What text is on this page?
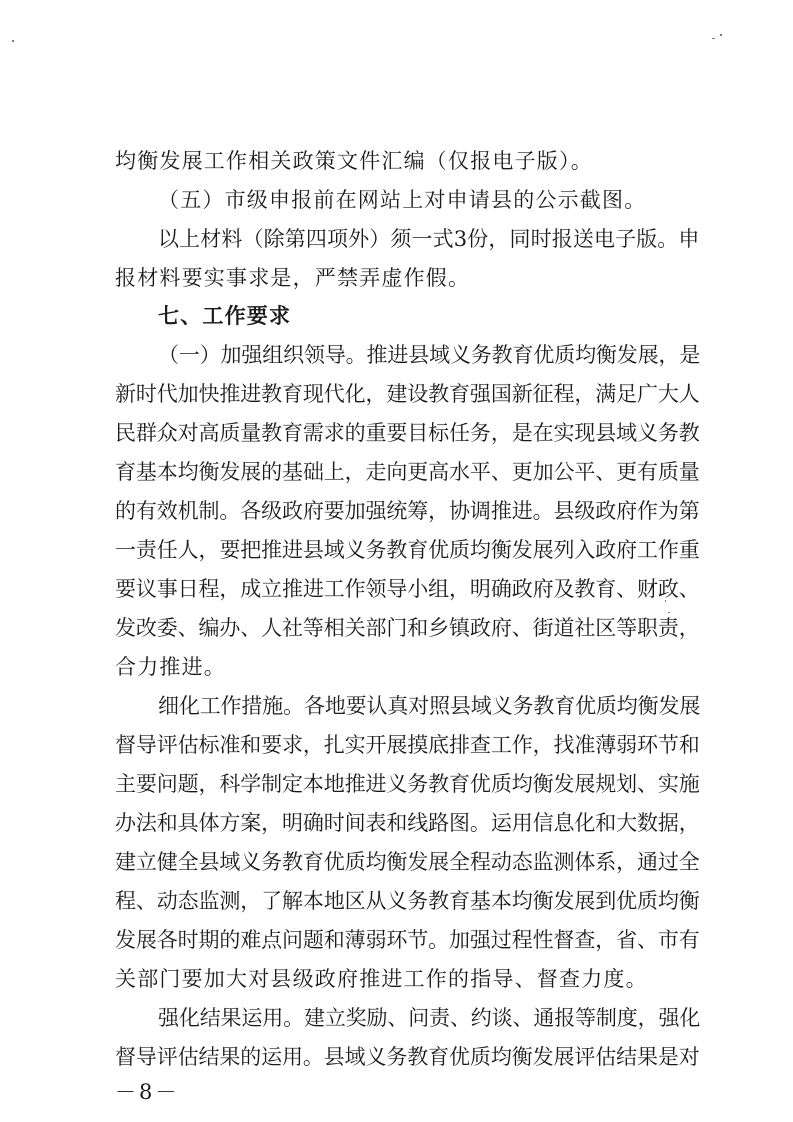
均衡发展工作相关政策文件汇编（仅报电子版）。
（五）市级申报前在网站上对申请县的公示截图。
以上材料（除第四项外）须一式3份，同时报送电子版。申
报材料要实事求是，严禁弄虚作假。
七、工作要求
（一）加强组织领导。推进县域义务教育优质均衡发展，是
新时代加快推进教育现代化，建设教育强国新征程，满足广大人
民群众对高质量教育需求的重要目标任务，是在实现县域义务教
育基本均衡发展的基础上，走向更高水平、更加公平、更有质量
的有效机制。各级政府要加强统筹，协调推进。县级政府作为第
一责任人，要把推进县域义务教育优质均衡发展列入政府工作重
要议事日程，成立推进工作领导小组，明确政府及教育、财政、
发改委、编办、人社等相关部门和乡镇政府、街道社区等职责，
合力推进。
细化工作措施。各地要认真对照县域义务教育优质均衡发展
督导评估标准和要求，扎实开展摸底排查工作，找准薄弱环节和
主要问题，科学制定本地推进义务教育优质均衡发展规划、实施
办法和具体方案，明确时间表和线路图。运用信息化和大数据，
建立健全县域义务教育优质均衡发展全程动态监测体系，通过全
程、动态监测，了解本地区从义务教育基本均衡发展到优质均衡
发展各时期的难点问题和薄弱环节。加强过程性督查，省、市有
关部门要加大对县级政府推进工作的指导、督查力度。
强化结果运用。建立奖励、问责、约谈、通报等制度，强化
督导评估结果的运用。县域义务教育优质均衡发展评估结果是对
－8－
